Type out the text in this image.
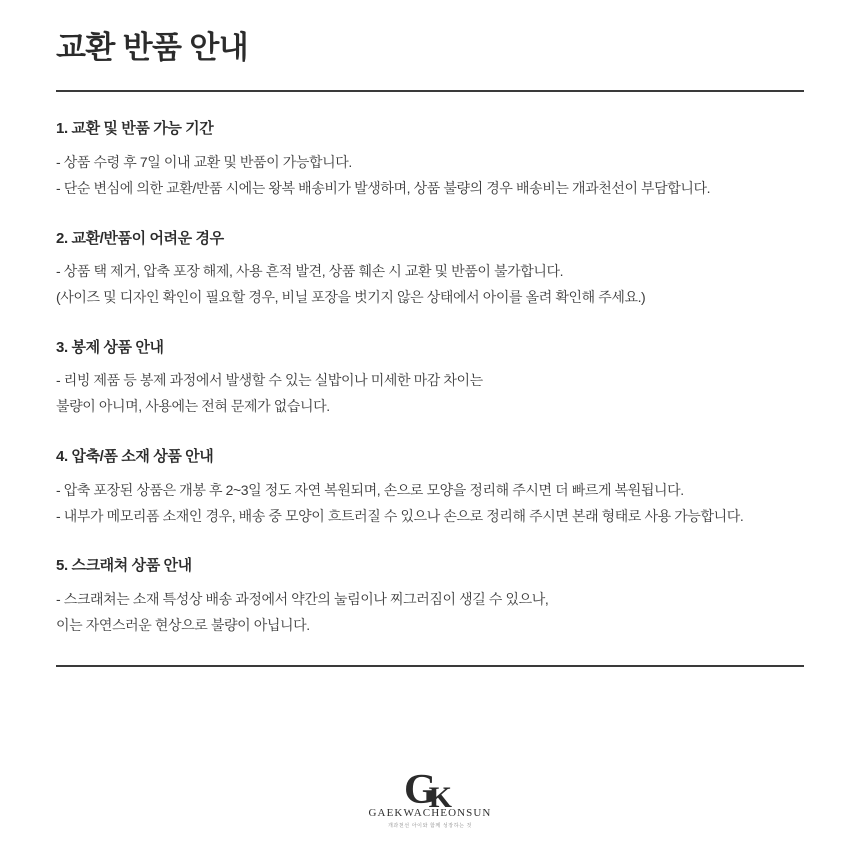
교환 반품 안내

1. 교환 및 반품 가능 기간

- 상품 수령 후 7일 이내 교환 및 반품이 가능합니다.

- 단순 변심에 의한 교환/반품 시에는 왕복 배송비가 발생하며, 상품 불량의 경우 배송비는 개과천선이 부담합니다.

2. 교환/반품이 어려운 경우

- 상품 택 제거, 압축 포장 해제, 사용 흔적 발견, 상품 훼손 시 교환 및 반품이 불가합니다.

(사이즈 및 디자인 확인이 필요할 경우, 비닐 포장을 벗기지 않은 상태에서 아이를 올려 확인해 주세요.)

3. 봉제 상품 안내

- 리빙 제품 등 봉제 과정에서 발생할 수 있는 실밥이나 미세한 마감 차이는

불량이 아니며, 사용에는 전혀 문제가 없습니다.

4. 압축/폼 소재 상품 안내

- 압축 포장된 상품은 개봉 후 2~3일 정도 자연 복원되며, 손으로 모양을 정리해 주시면 더 빠르게 복원됩니다.

- 내부가 메모리폼 소재인 경우, 배송 중 모양이 흐트러질 수 있으나 손으로 정리해 주시면 본래 형태로 사용 가능합니다.

5. 스크래쳐 상품 안내

- 스크래쳐는 소재 특성상 배송 과정에서 약간의 눌림이나 찌그러짐이 생길 수 있으나,

이는 자연스러운 현상으로 불량이 아닙니다.

GK
GAEKWACHEONSUN
개과천선 아이와 함께 성장하는 것
